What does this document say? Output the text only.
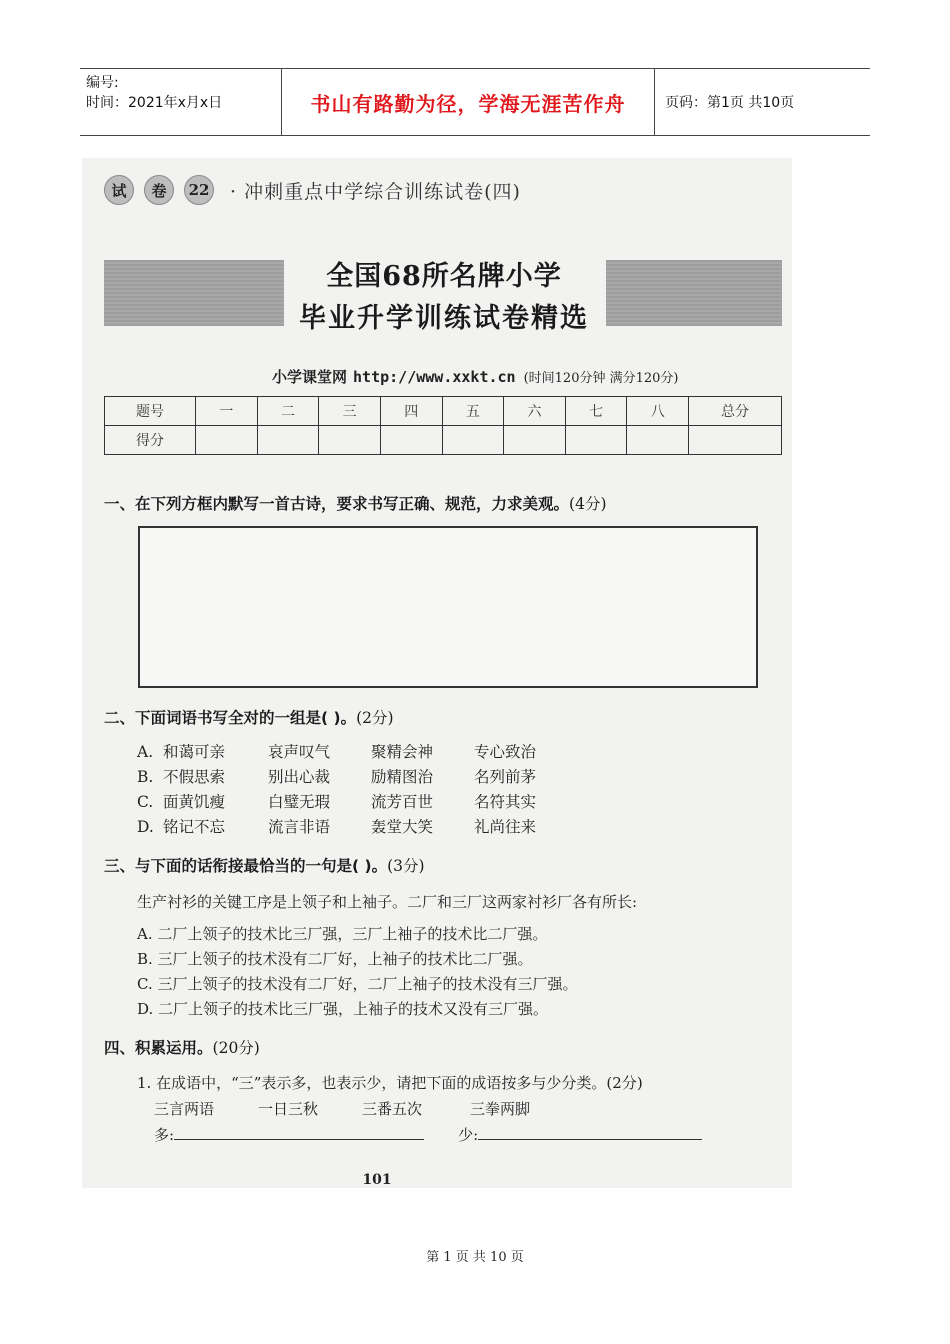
编号:
时间：2021年x月x日	书山有路勤为径，学海无涯苦作舟	页码：第1页 共10页
试	卷	22 · 冲刺重点中学综合训练试卷(四)
全国68所名牌小学
毕业升学训练试卷精选
小学课堂网 http://www.xxkt.cn (时间120分钟 满分120分)
题号	一	二	三	四	五	六	七	八	总分
得分									
一、在下列方框内默写一首古诗，要求书写正确、规范，力求美观。(4分)
二、下面词语书写全对的一组是( )。(2分)
A. 和蔼可亲	哀声叹气	聚精会神	专心致治
B. 不假思索	别出心裁	励精图治	名列前茅
C. 面黄饥瘦	白璧无瑕	流芳百世	名符其实
D. 铭记不忘	流言非语	轰堂大笑	礼尚往来
三、与下面的话衔接最恰当的一句是( )。(3分)
生产衬衫的关键工序是上领子和上袖子。二厂和三厂这两家衬衫厂各有所长:
A. 二厂上领子的技术比三厂强，三厂上袖子的技术比二厂强。
B. 三厂上领子的技术没有二厂好，上袖子的技术比二厂强。
C. 三厂上领子的技术没有二厂好，二厂上袖子的技术没有三厂强。
D. 二厂上领子的技术比三厂强，上袖子的技术又没有三厂强。
四、积累运用。(20分)
1. 在成语中，“三”表示多，也表示少，请把下面的成语按多与少分类。(2分)
三言两语	一日三秋	三番五次	三拳两脚
多:	少:
101
第 1 页 共 10 页
